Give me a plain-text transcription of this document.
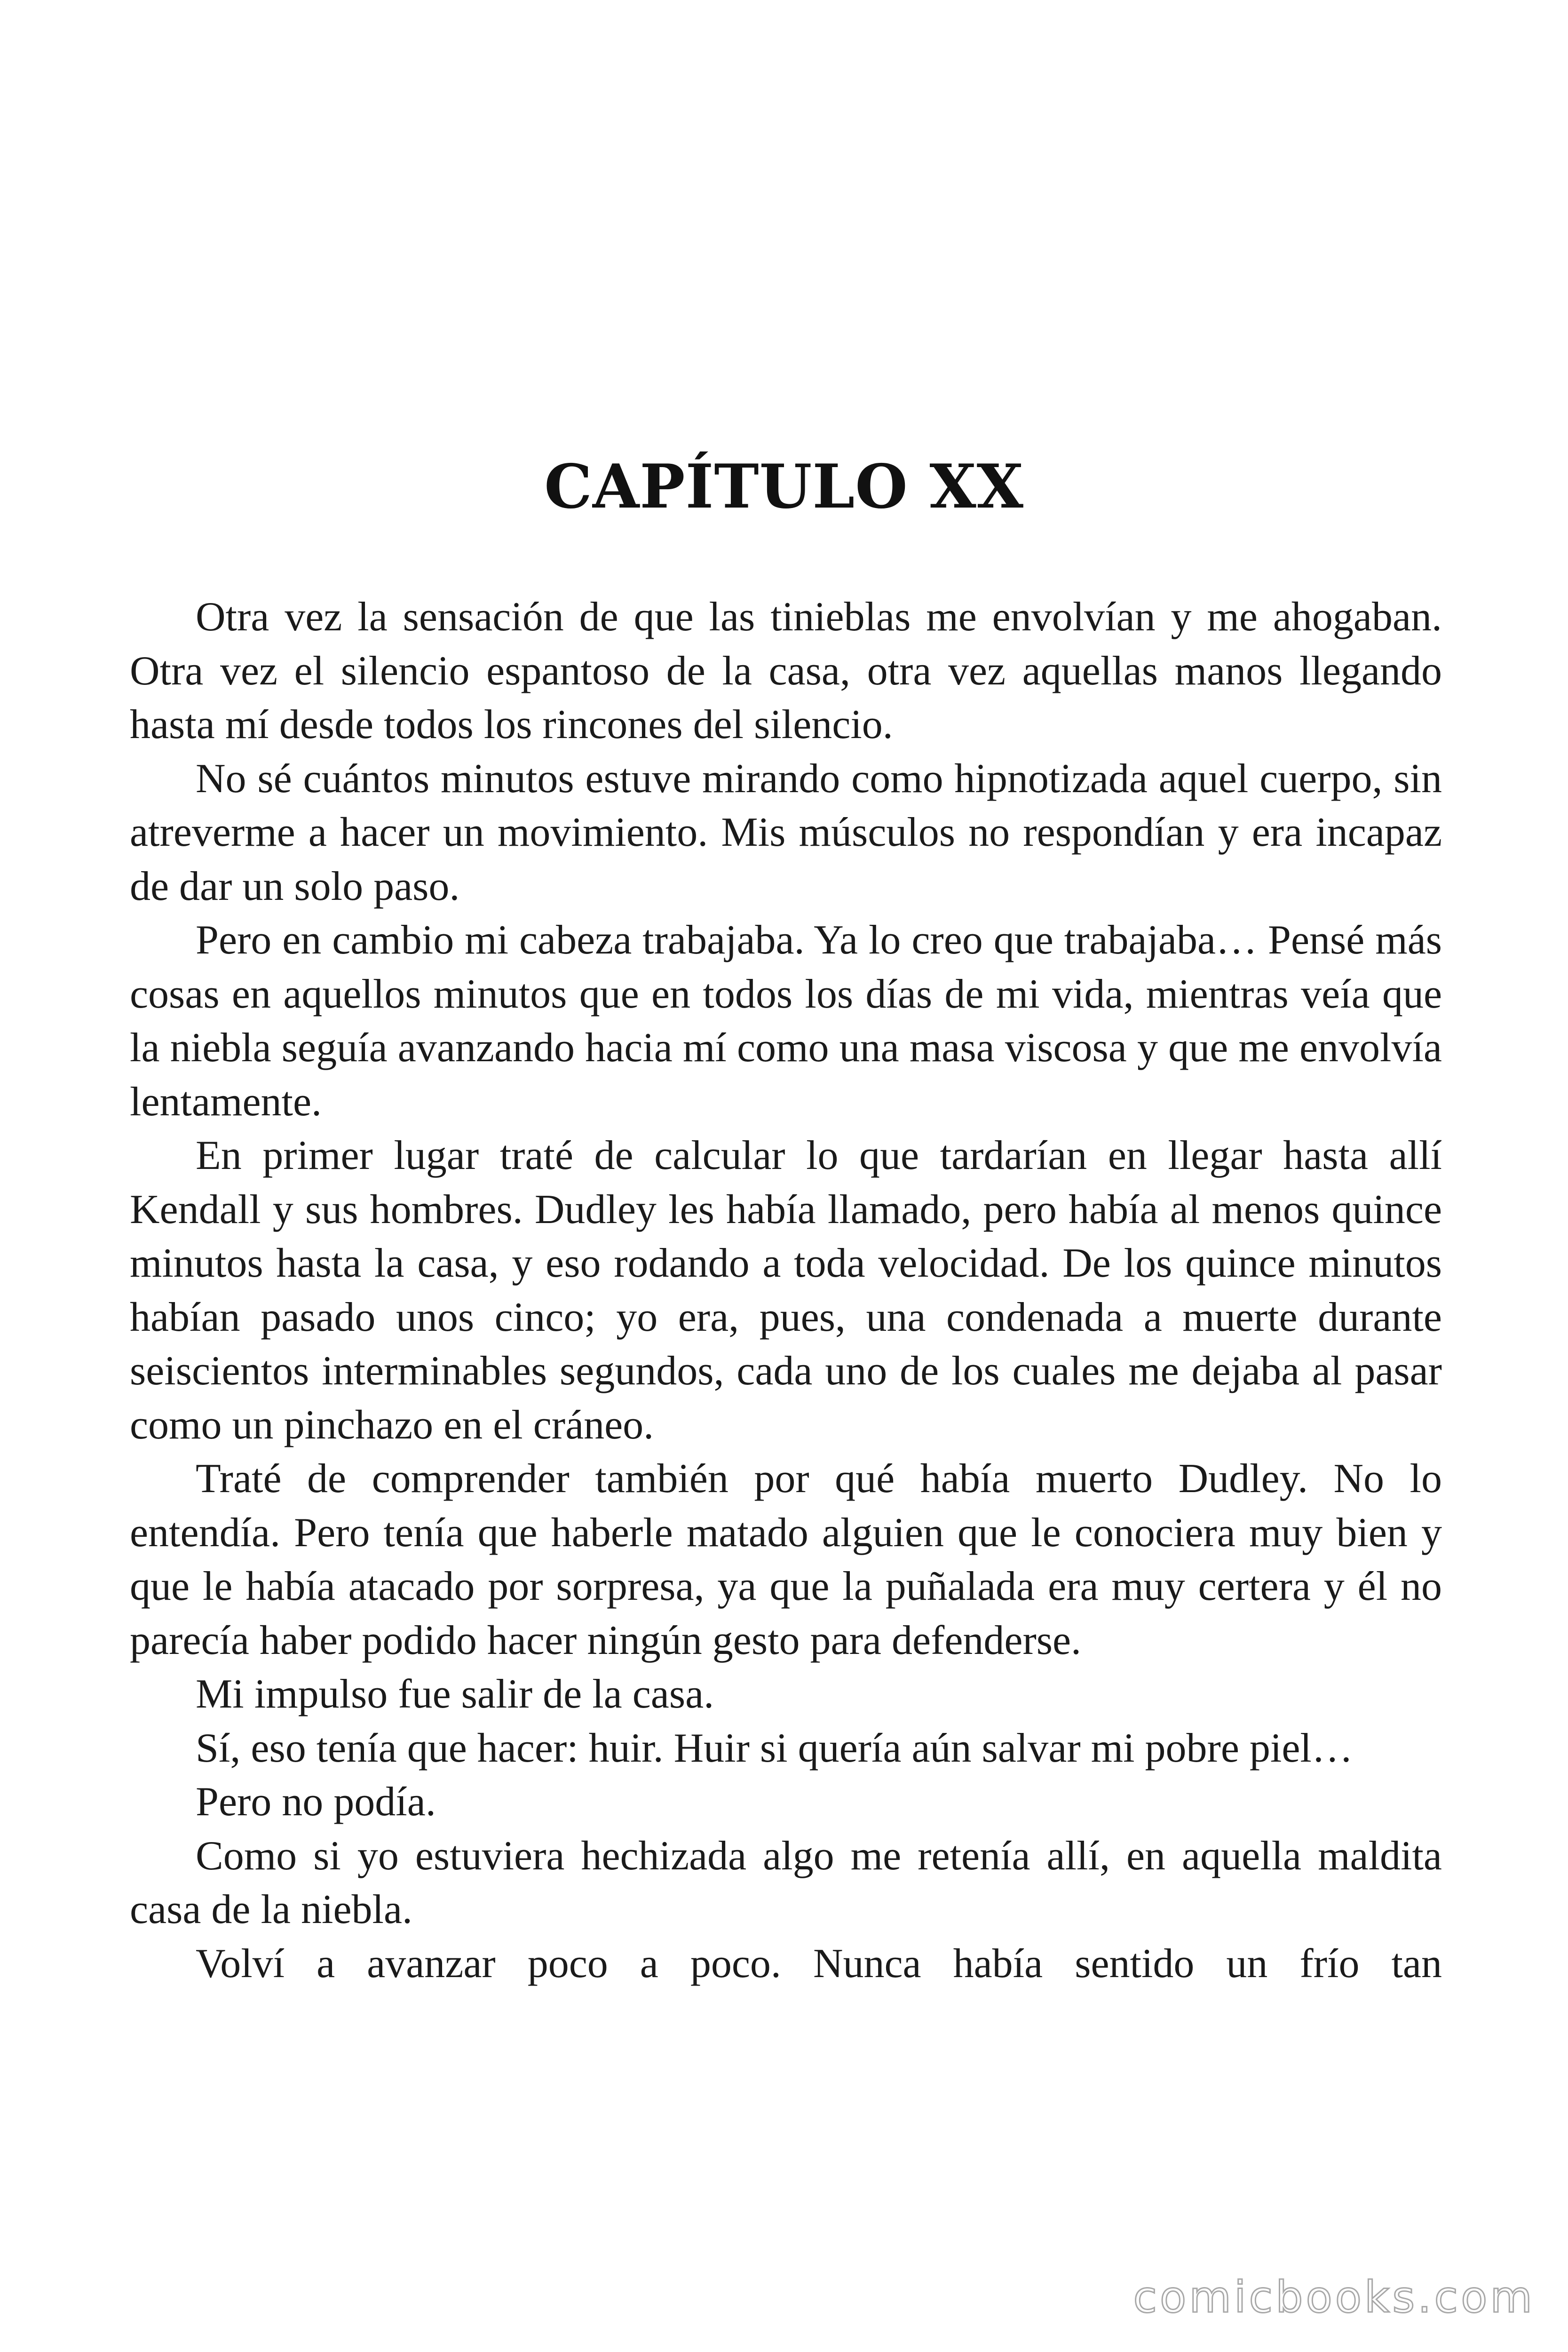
CAPÍTULO XX

Otra vez la sensación de que las tinieblas me envolvían y me ahogaban. Otra vez el silencio espantoso de la casa, otra vez aquellas manos llegando hasta mí desde todos los rincones del silencio.

No sé cuántos minutos estuve mirando como hipnotizada aquel cuerpo, sin atreverme a hacer un movimiento. Mis músculos no respondían y era incapaz de dar un solo paso.

Pero en cambio mi cabeza trabajaba. Ya lo creo que trabajaba… Pensé más cosas en aquellos minutos que en todos los días de mi vida, mientras veía que la niebla seguía avanzando hacia mí como una masa viscosa y que me envolvía lentamente.

En primer lugar traté de calcular lo que tardarían en llegar hasta allí Kendall y sus hombres. Dudley les había llamado, pero había al menos quince minutos hasta la casa, y eso rodando a toda velocidad. De los quince minutos habían pasado unos cinco; yo era, pues, una condenada a muerte durante seiscientos interminables segundos, cada uno de los cuales me dejaba al pasar como un pinchazo en el cráneo.

Traté de comprender también por qué había muerto Dudley. No lo entendía. Pero tenía que haberle matado alguien que le conociera muy bien y que le había atacado por sorpresa, ya que la puñalada era muy certera y él no parecía haber podido hacer ningún gesto para defenderse.

Mi impulso fue salir de la casa.

Sí, eso tenía que hacer: huir. Huir si quería aún salvar mi pobre piel…

Pero no podía.

Como si yo estuviera hechizada algo me retenía allí, en aquella maldita casa de la niebla.

Volví a avanzar poco a poco. Nunca había sentido un frío tan

comicbooks.com
